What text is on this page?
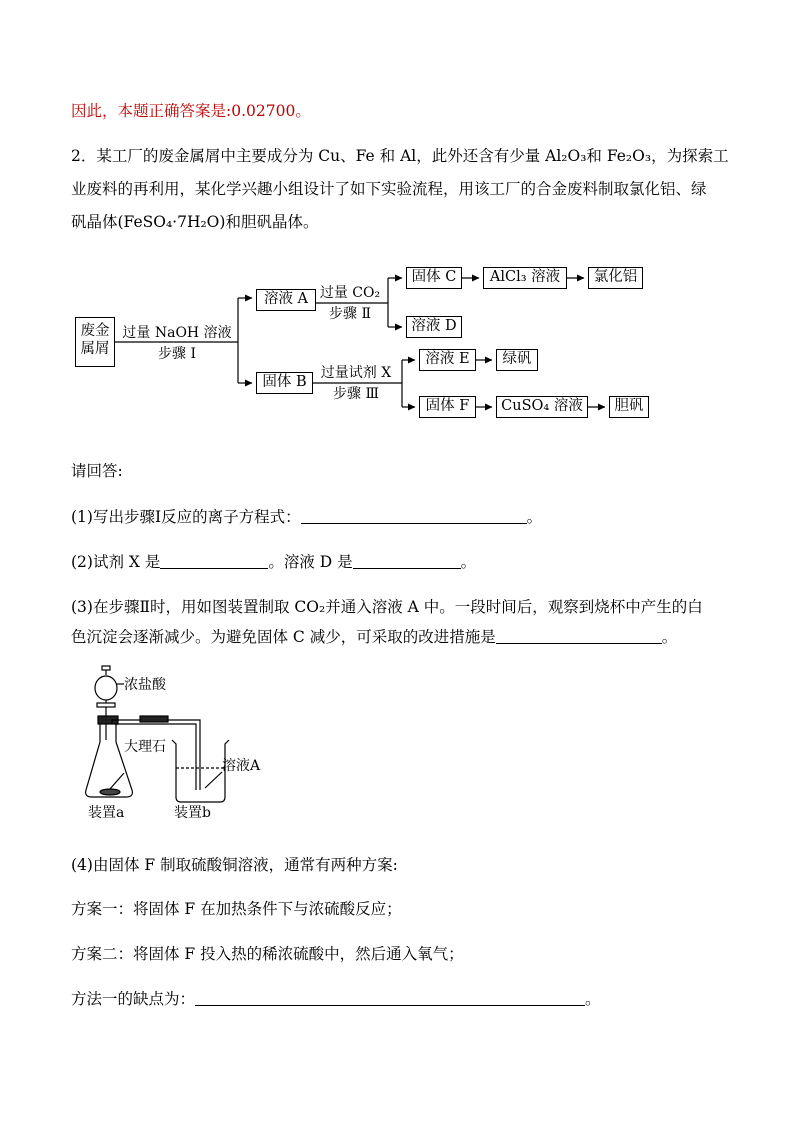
因此，本题正确答案是:0.02700。
2．某工厂的废金属屑中主要成分为 Cu、Fe 和 Al，此外还含有少量 Al₂O₃和 Fe₂O₃，为探索工
业废料的再利用，某化学兴趣小组设计了如下实验流程，用该工厂的合金废料制取氯化铝、绿
矾晶体(FeSO₄·7H₂O)和胆矾晶体。
废金
属屑
过量 NaOH 溶液
步骤 Ⅰ
溶液 A
固体 B
过量 CO₂
步骤 Ⅱ
过量试剂 X
步骤 Ⅲ
固体 C	AlCl₃ 溶液	氯化铝
溶液 D
溶液 E	绿矾
固体 F	CuSO₄ 溶液	胆矾
请回答:
(1)写出步骤Ⅰ反应的离子方程式：	。
(2)试剂 X 是	。溶液 D 是	。
(3)在步骤Ⅱ时，用如图装置制取 CO₂并通入溶液 A 中。一段时间后，观察到烧杯中产生的白
色沉淀会逐渐减少。为避免固体 C 减少，可采取的改进措施是	。
浓盐酸
大理石
溶液A
装置a	装置b
(4)由固体 F 制取硫酸铜溶液，通常有两种方案:
方案一：将固体 F 在加热条件下与浓硫酸反应；
方案二：将固体 F 投入热的稀浓硫酸中，然后通入氧气；
方法一的缺点为：	。
